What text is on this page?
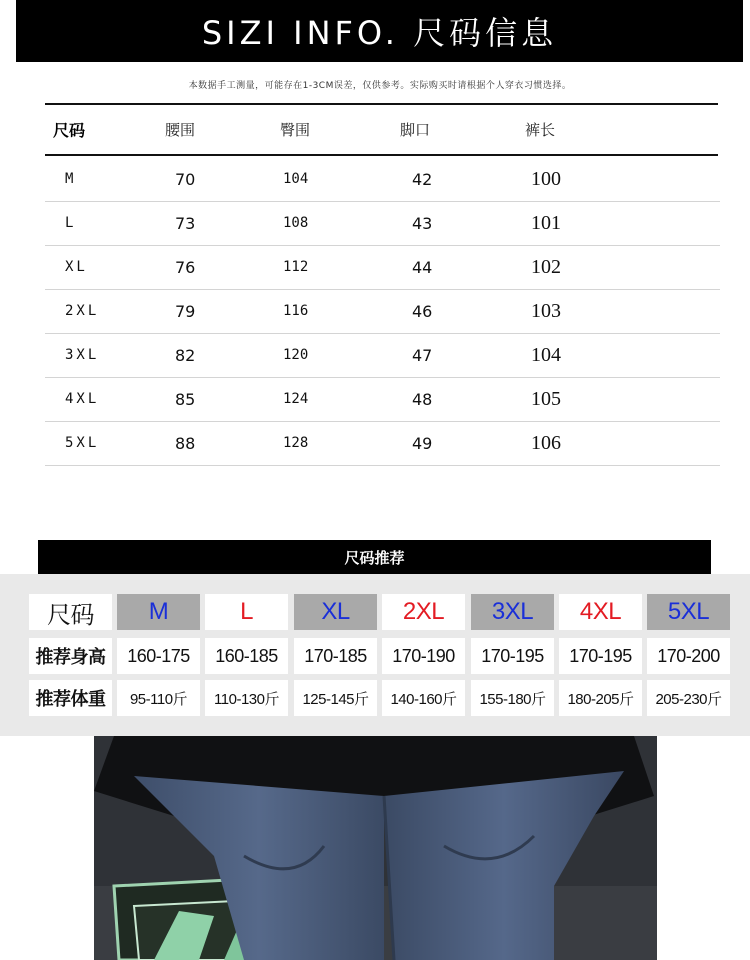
SIZI INFO. 尺码信息
本数据手工测量，可能存在1-3CM误差，仅供参考。实际购买时请根据个人穿衣习惯选择。
尺码	腰围	臀围	脚口	裤长
M	70	104	42	100
L	73	108	43	101
XL	76	112	44	102
2XL	79	116	46	103
3XL	82	120	47	104
4XL	85	124	48	105
5XL	88	128	49	106
尺码推荐
尺码	M	L	XL	2XL	3XL	4XL	5XL
推荐身高	160-175	160-185	170-185	170-190	170-195	170-195	170-200
推荐体重	95-110斤	110-130斤	125-145斤	140-160斤	155-180斤	180-205斤	205-230斤
